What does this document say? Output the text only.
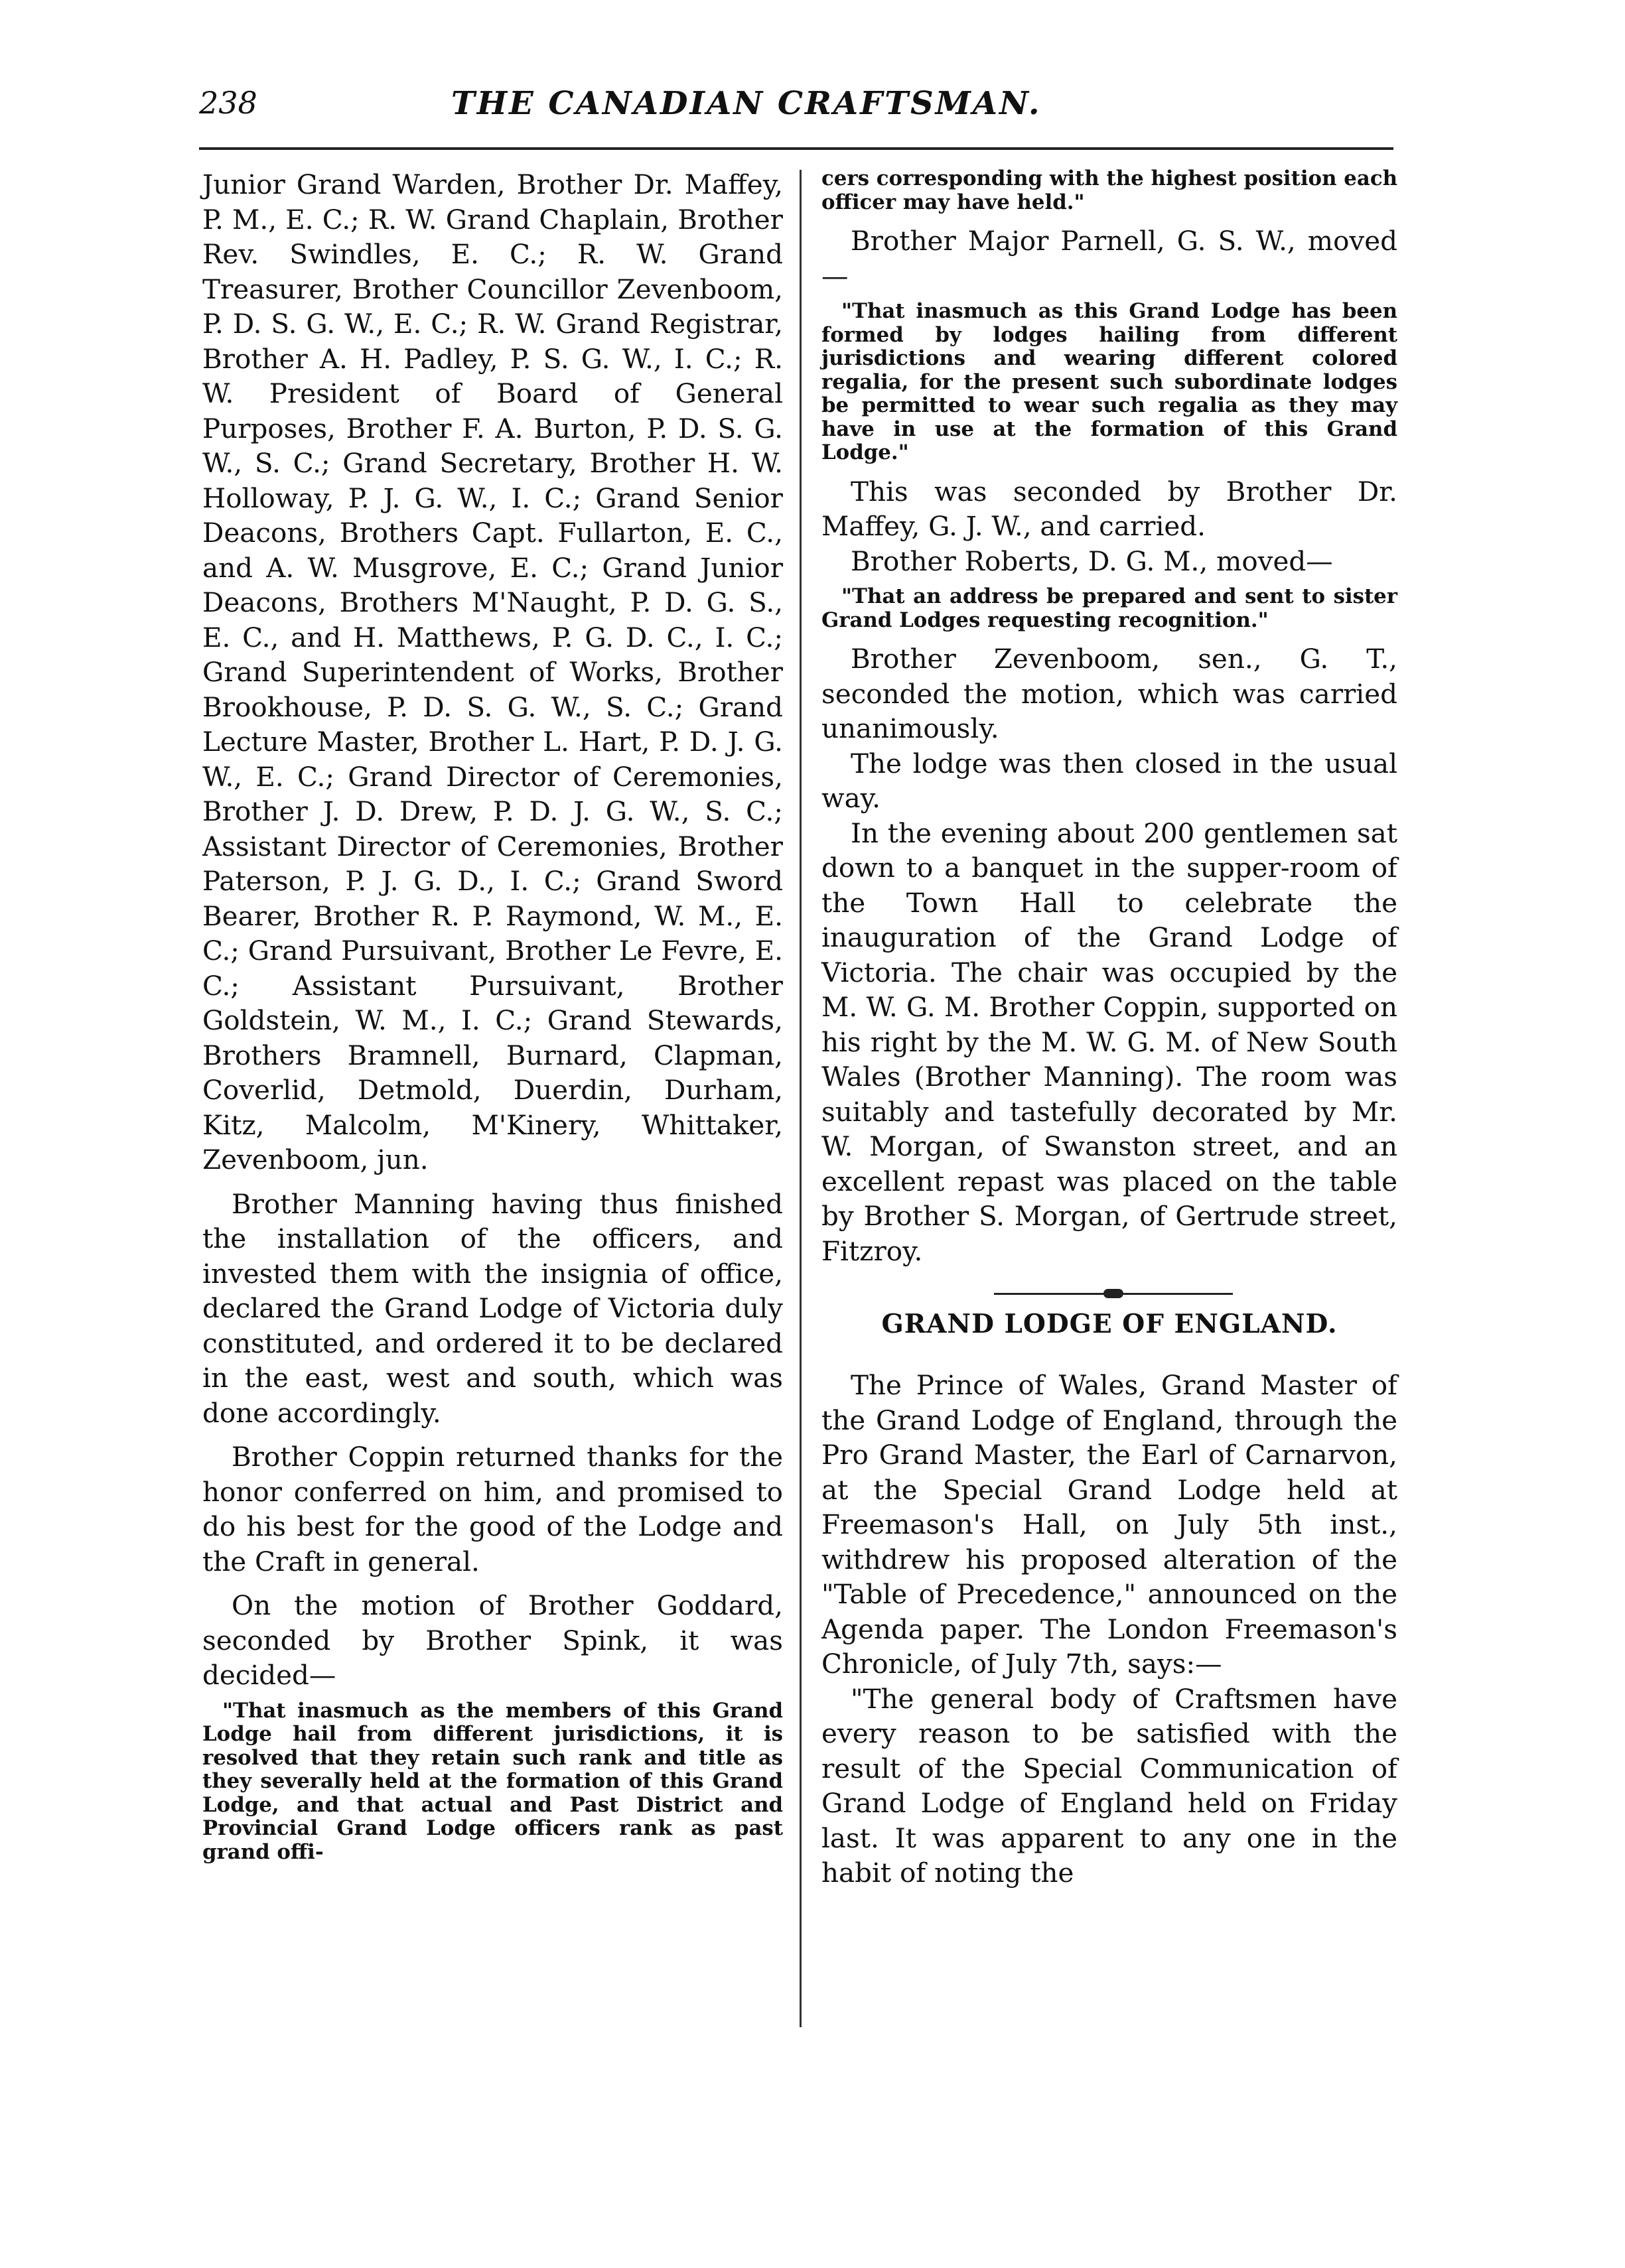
238	THE CANADIAN CRAFTSMAN.

Junior Grand Warden, Brother Dr. Maffey, P. M., E. C.; R. W. Grand Chaplain, Brother Rev. Swindles, E. C.; R. W. Grand Treasurer, Brother Councillor Zevenboom, P. D. S. G. W., E. C.; R. W. Grand Registrar, Brother A. H. Padley, P. S. G. W., I. C.; R. W. President of Board of General Purposes, Brother F. A. Burton, P. D. S. G. W., S. C.; Grand Secretary, Brother H. W. Holloway, P. J. G. W., I. C.; Grand Senior Deacons, Brothers Capt. Fullarton, E. C., and A. W. Musgrove, E. C.; Grand Junior Deacons, Brothers M'Naught, P. D. G. S., E. C., and H. Matthews, P. G. D. C., I. C.; Grand Superintendent of Works, Brother Brookhouse, P. D. S. G. W., S. C.; Grand Lecture Master, Brother L. Hart, P. D. J. G. W., E. C.; Grand Director of Ceremonies, Brother J. D. Drew, P. D. J. G. W., S. C.; Assistant Director of Ceremonies, Brother Paterson, P. J. G. D., I. C.; Grand Sword Bearer, Brother R. P. Raymond, W. M., E. C.; Grand Pursuivant, Brother Le Fevre, E. C.; Assistant Pursuivant, Brother Goldstein, W. M., I. C.; Grand Stewards, Brothers Bramnell, Burnard, Clapman, Coverlid, Detmold, Duerdin, Durham, Kitz, Malcolm, M'Kinery, Whittaker, Zevenboom, jun.

Brother Manning having thus finished the installation of the officers, and invested them with the insignia of office, declared the Grand Lodge of Victoria duly constituted, and ordered it to be declared in the east, west and south, which was done accordingly.

Brother Coppin returned thanks for the honor conferred on him, and promised to do his best for the good of the Lodge and the Craft in general.

On the motion of Brother Goddard, seconded by Brother Spink, it was decided—

"That inasmuch as the members of this Grand Lodge hail from different jurisdictions, it is resolved that they retain such rank and title as they severally held at the formation of this Grand Lodge, and that actual and Past District and Provincial Grand Lodge officers rank as past grand offi-

cers corresponding with the highest position each officer may have held."

Brother Major Parnell, G. S. W., moved—

"That inasmuch as this Grand Lodge has been formed by lodges hailing from different jurisdictions and wearing different colored regalia, for the present such subordinate lodges be permitted to wear such regalia as they may have in use at the formation of this Grand Lodge."

This was seconded by Brother Dr. Maffey, G. J. W., and carried.

Brother Roberts, D. G. M., moved—

"That an address be prepared and sent to sister Grand Lodges requesting recognition."

Brother Zevenboom, sen., G. T., seconded the motion, which was carried unanimously.

The lodge was then closed in the usual way.

In the evening about 200 gentlemen sat down to a banquet in the supper-room of the Town Hall to celebrate the inauguration of the Grand Lodge of Victoria. The chair was occupied by the M. W. G. M. Brother Coppin, supported on his right by the M. W. G. M. of New South Wales (Brother Manning). The room was suitably and tastefully decorated by Mr. W. Morgan, of Swanston street, and an excellent repast was placed on the table by Brother S. Morgan, of Gertrude street, Fitzroy.

GRAND LODGE OF ENGLAND.

The Prince of Wales, Grand Master of the Grand Lodge of England, through the Pro Grand Master, the Earl of Carnarvon, at the Special Grand Lodge held at Freemason's Hall, on July 5th inst., withdrew his proposed alteration of the "Table of Precedence," announced on the Agenda paper. The London Freemason's Chronicle, of July 7th, says:—

"The general body of Craftsmen have every reason to be satisfied with the result of the Special Communication of Grand Lodge of England held on Friday last. It was apparent to any one in the habit of noting the
